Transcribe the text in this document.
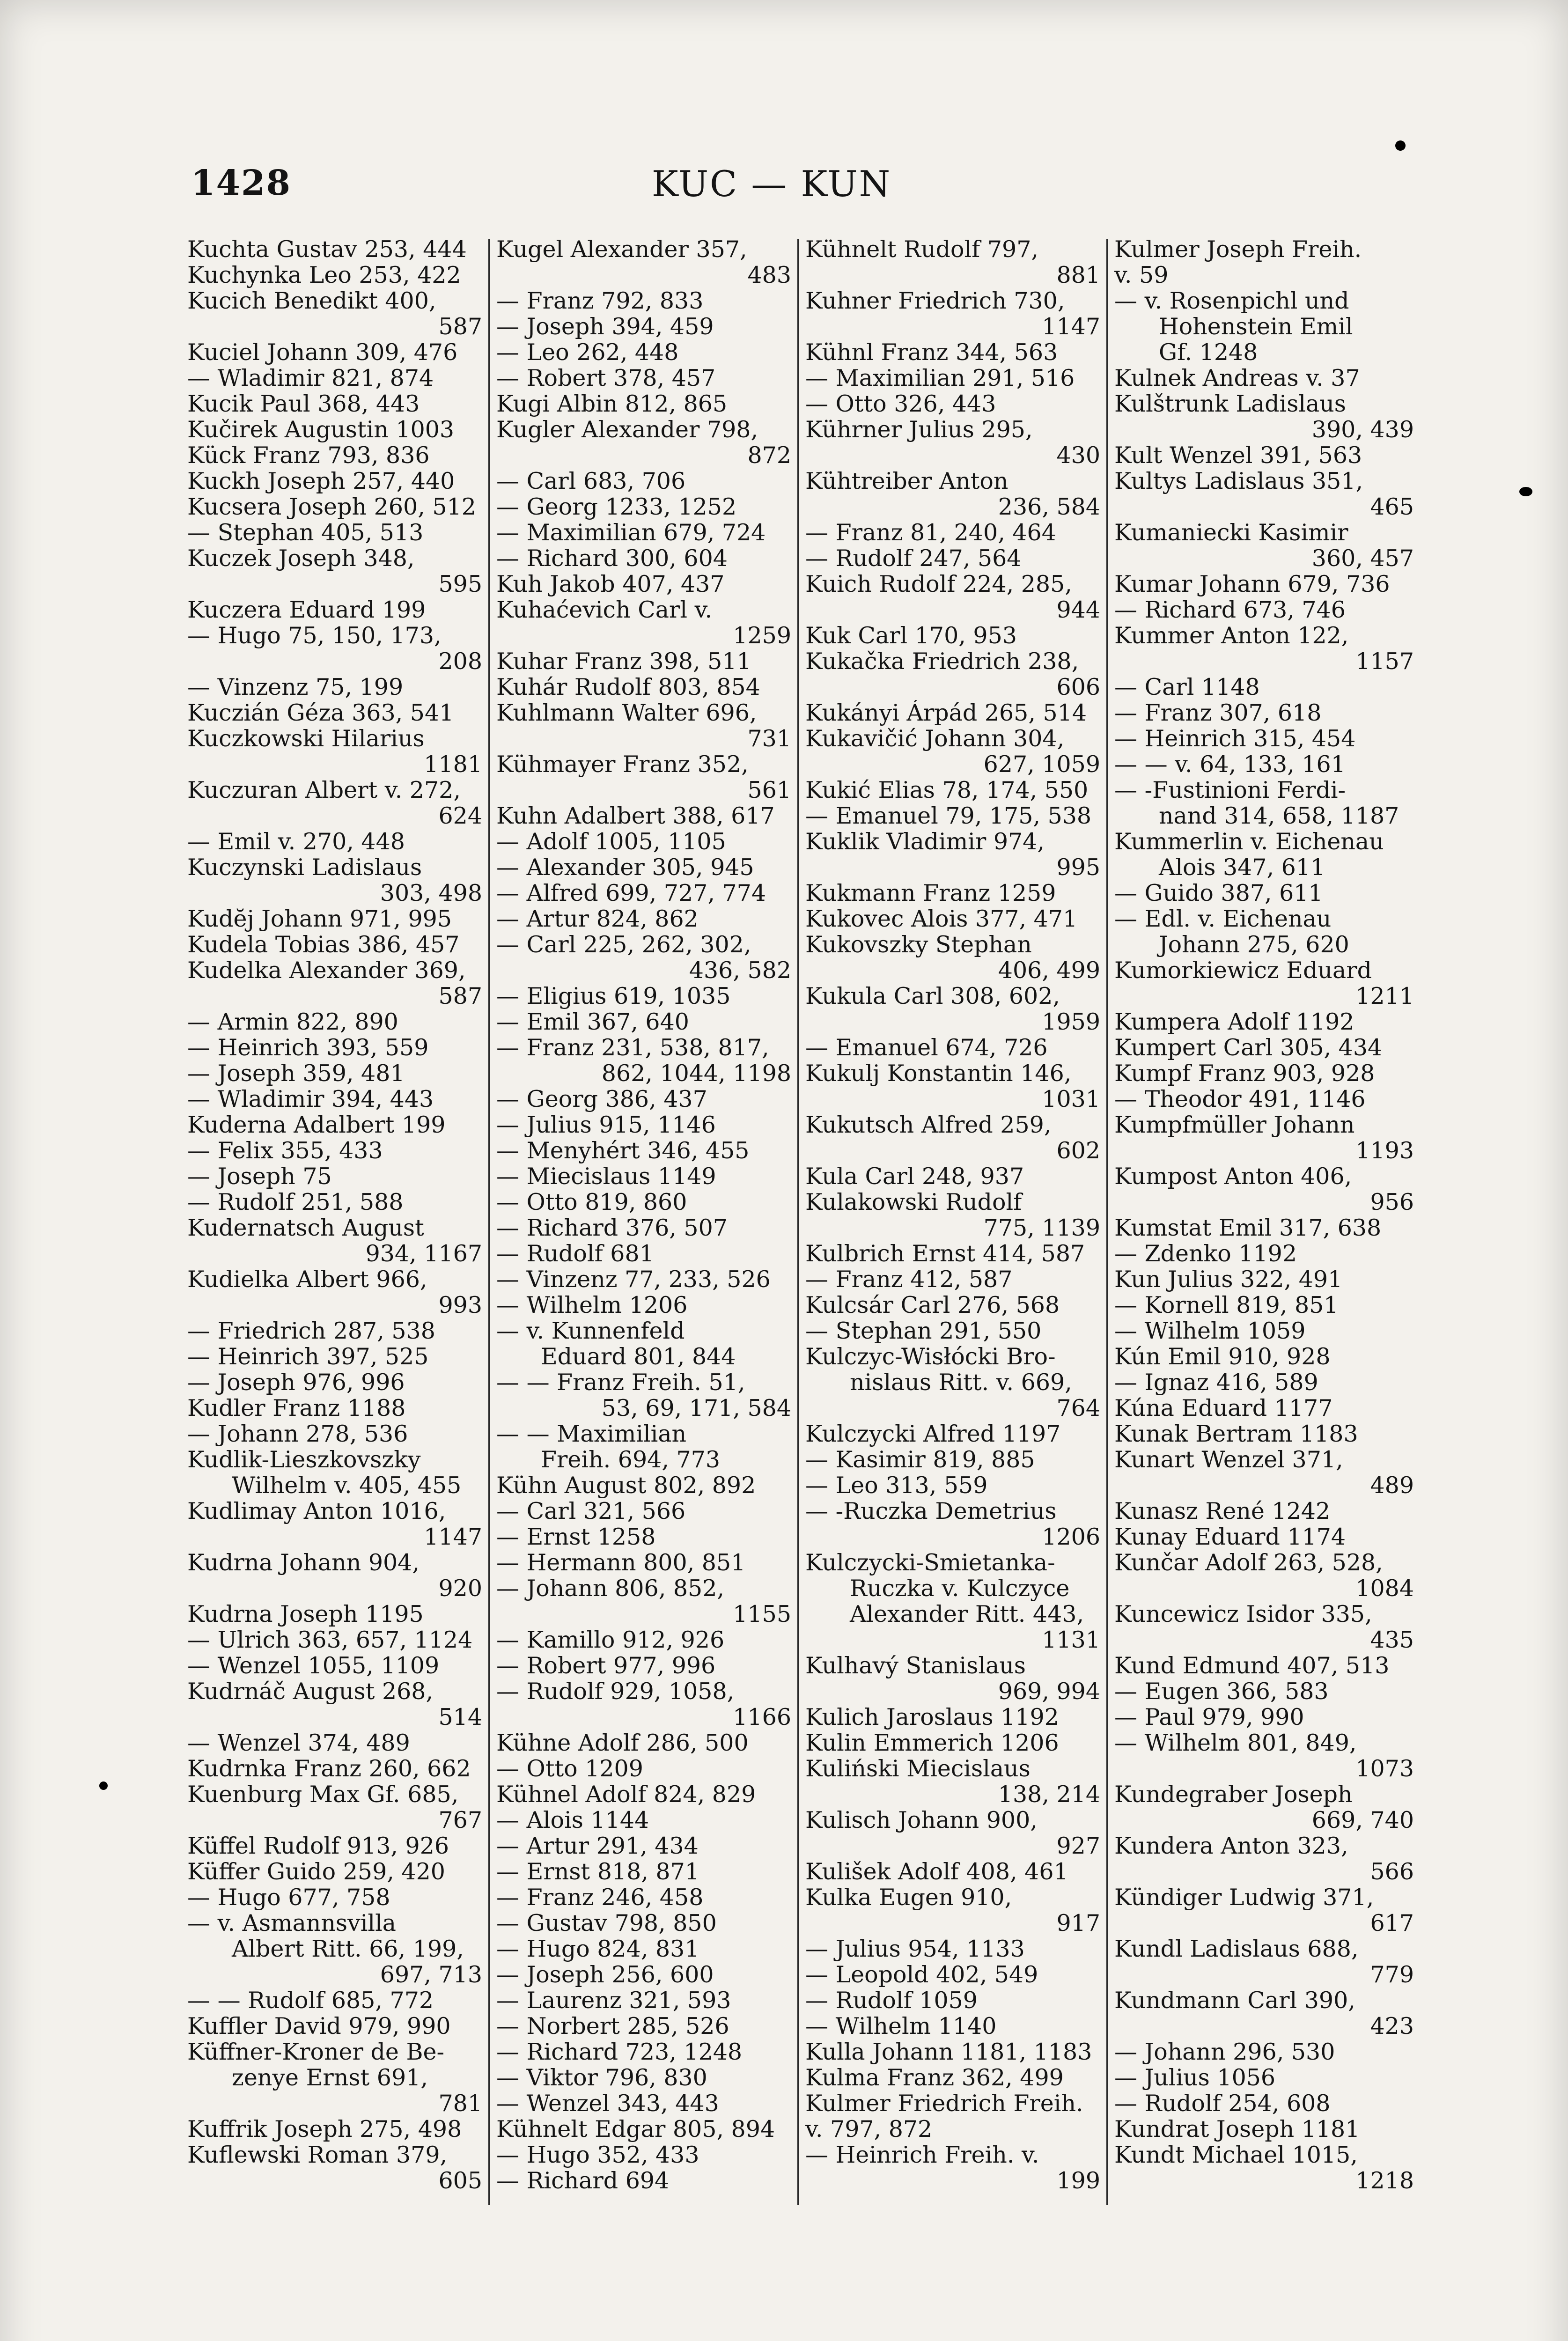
KUC — KUN
1428

Kuchta Gustav 253, 444

Kuchynka Leo 253, 422

Kucich Benedikt 400,

587

Kuciel Johann 309, 476

— Wladimir 821, 874

Kucik Paul 368, 443

Kučirek Augustin 1003

Kück Franz 793, 836

Kuckh Joseph 257, 440

Kucsera Joseph 260, 512

— Stephan 405, 513

Kuczek Joseph 348,

595

Kuczera Eduard 199

— Hugo 75, 150, 173,

208

— Vinzenz 75, 199

Kuczián Géza 363, 541

Kuczkowski Hilarius

1181

Kuczuran Albert v. 272,

624

— Emil v. 270, 448

Kuczynski Ladislaus

303, 498

Kudĕj Johann 971, 995

Kudela Tobias 386, 457

Kudelka Alexander 369,

587

— Armin 822, 890

— Heinrich 393, 559

— Joseph 359, 481

— Wladimir 394, 443

Kuderna Adalbert 199

— Felix 355, 433

— Joseph 75

— Rudolf 251, 588

Kudernatsch August

934, 1167

Kudielka Albert 966,

993

— Friedrich 287, 538

— Heinrich 397, 525

— Joseph 976, 996

Kudler Franz 1188

— Johann 278, 536

Kudlik-Lieszkovszky

Wilhelm v. 405, 455

Kudlimay Anton 1016,

1147

Kudrna Johann 904,

920

Kudrna Joseph 1195

— Ulrich 363, 657, 1124

— Wenzel 1055, 1109

Kudrnáč August 268,

514

— Wenzel 374, 489

Kudrnka Franz 260, 662

Kuenburg Max Gf. 685,

767

Küffel Rudolf 913, 926

Küffer Guido 259, 420

— Hugo 677, 758

— v. Asmannsvilla

Albert Ritt. 66, 199,

697, 713

— — Rudolf 685, 772

Kuffler David 979, 990

Küffner-Kroner de Be-

zenye Ernst 691,

781

Kuffrik Joseph 275, 498

Kuflewski Roman 379,

605

Kugel Alexander 357,

483

— Franz 792, 833

— Joseph 394, 459

— Leo 262, 448

— Robert 378, 457

Kugi Albin 812, 865

Kugler Alexander 798,

872

— Carl 683, 706

— Georg 1233, 1252

— Maximilian 679, 724

— Richard 300, 604

Kuh Jakob 407, 437

Kuhaćevich Carl v.

1259

Kuhar Franz 398, 511

Kuhár Rudolf 803, 854

Kuhlmann Walter 696,

731

Kühmayer Franz 352,

561

Kuhn Adalbert 388, 617

— Adolf 1005, 1105

— Alexander 305, 945

— Alfred 699, 727, 774

— Artur 824, 862

— Carl 225, 262, 302,

436, 582

— Eligius 619, 1035

— Emil 367, 640

— Franz 231, 538, 817,

862, 1044, 1198

— Georg 386, 437

— Julius 915, 1146

— Menyhért 346, 455

— Miecislaus 1149

— Otto 819, 860

— Richard 376, 507

— Rudolf 681

— Vinzenz 77, 233, 526

— Wilhelm 1206

— v. Kunnenfeld

Eduard 801, 844

— — Franz Freih. 51,

53, 69, 171, 584

— — Maximilian

Freih. 694, 773

Kühn August 802, 892

— Carl 321, 566

— Ernst 1258

— Hermann 800, 851

— Johann 806, 852,

1155

— Kamillo 912, 926

— Robert 977, 996

— Rudolf 929, 1058,

1166

Kühne Adolf 286, 500

— Otto 1209

Kühnel Adolf 824, 829

— Alois 1144

— Artur 291, 434

— Ernst 818, 871

— Franz 246, 458

— Gustav 798, 850

— Hugo 824, 831

— Joseph 256, 600

— Laurenz 321, 593

— Norbert 285, 526

— Richard 723, 1248

— Viktor 796, 830

— Wenzel 343, 443

Kühnelt Edgar 805, 894

— Hugo 352, 433

— Richard 694

Kühnelt Rudolf 797,

881

Kuhner Friedrich 730,

1147

Kühnl Franz 344, 563

— Maximilian 291, 516

— Otto 326, 443

Kührner Julius 295,

430

Kühtreiber Anton

236, 584

— Franz 81, 240, 464

— Rudolf 247, 564

Kuich Rudolf 224, 285,

944

Kuk Carl 170, 953

Kukačka Friedrich 238,

606

Kukányi Árpád 265, 514

Kukavičić Johann 304,

627, 1059

Kukić Elias 78, 174, 550

— Emanuel 79, 175, 538

Kuklik Vladimir 974,

995

Kukmann Franz 1259

Kukovec Alois 377, 471

Kukovszky Stephan

406, 499

Kukula Carl 308, 602,

1959

— Emanuel 674, 726

Kukulj Konstantin 146,

1031

Kukutsch Alfred 259,

602

Kula Carl 248, 937

Kulakowski Rudolf

775, 1139

Kulbrich Ernst 414, 587

— Franz 412, 587

Kulcsár Carl 276, 568

— Stephan 291, 550

Kulczyc-Wisłócki Bro-

nislaus Ritt. v. 669,

764

Kulczycki Alfred 1197

— Kasimir 819, 885

— Leo 313, 559

— -Ruczka Demetrius

1206

Kulczycki-Smietanka-

Ruczka v. Kulczyce

Alexander Ritt. 443,

1131

Kulhavý Stanislaus

969, 994

Kulich Jaroslaus 1192

Kulin Emmerich 1206

Kuliński Miecislaus

138, 214

Kulisch Johann 900,

927

Kulišek Adolf 408, 461

Kulka Eugen 910,

917

— Julius 954, 1133

— Leopold 402, 549

— Rudolf 1059

— Wilhelm 1140

Kulla Johann 1181, 1183

Kulma Franz 362, 499

Kulmer Friedrich Freih.

v. 797, 872

— Heinrich Freih. v.

199

Kulmer Joseph Freih.

v. 59

— v. Rosenpichl und

Hohenstein Emil

Gf. 1248

Kulnek Andreas v. 37

Kulštrunk Ladislaus

390, 439

Kult Wenzel 391, 563

Kultys Ladislaus 351,

465

Kumaniecki Kasimir

360, 457

Kumar Johann 679, 736

— Richard 673, 746

Kummer Anton 122,

1157

— Carl 1148

— Franz 307, 618

— Heinrich 315, 454

— — v. 64, 133, 161

— -Fustinioni Ferdi-

nand 314, 658, 1187

Kummerlin v. Eichenau

Alois 347, 611

— Guido 387, 611

— Edl. v. Eichenau

Johann 275, 620

Kumorkiewicz Eduard

1211

Kumpera Adolf 1192

Kumpert Carl 305, 434

Kumpf Franz 903, 928

— Theodor 491, 1146

Kumpfmüller Johann

1193

Kumpost Anton 406,

956

Kumstat Emil 317, 638

— Zdenko 1192

Kun Julius 322, 491

— Kornell 819, 851

— Wilhelm 1059

Kún Emil 910, 928

— Ignaz 416, 589

Kúna Eduard 1177

Kunak Bertram 1183

Kunart Wenzel 371,

489

Kunasz René 1242

Kunay Eduard 1174

Kunčar Adolf 263, 528,

1084

Kuncewicz Isidor 335,

435

Kund Edmund 407, 513

— Eugen 366, 583

— Paul 979, 990

— Wilhelm 801, 849,

1073

Kundegraber Joseph

669, 740

Kundera Anton 323,

566

Kündiger Ludwig 371,

617

Kundl Ladislaus 688,

779

Kundmann Carl 390,

423

— Johann 296, 530

— Julius 1056

— Rudolf 254, 608

Kundrat Joseph 1181

Kundt Michael 1015,

1218
